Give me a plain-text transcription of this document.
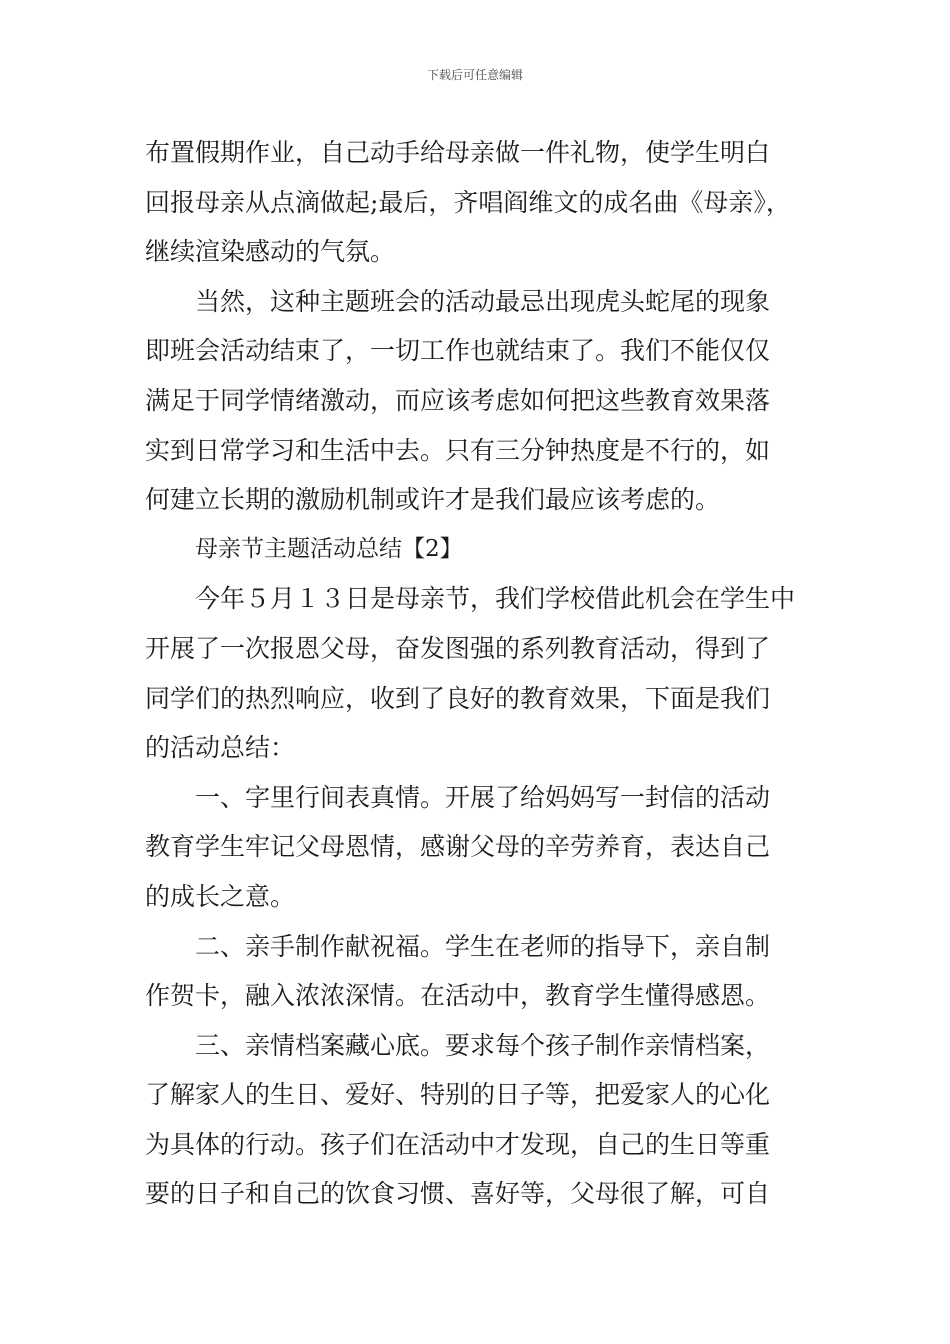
下载后可任意编辑
布置假期作业，自己动手给母亲做一件礼物，使学生明白
回报母亲从点滴做起;最后，齐唱阎维文的成名曲《母亲》，
继续渲染感动的气氛。
当然，这种主题班会的活动最忌出现虎头蛇尾的现象
即班会活动结束了，一切工作也就结束了。我们不能仅仅
满足于同学情绪激动，而应该考虑如何把这些教育效果落
实到日常学习和生活中去。只有三分钟热度是不行的，如
何建立长期的激励机制或许才是我们最应该考虑的。
母亲节主题活动总结【2】
今年５月１３日是母亲节，我们学校借此机会在学生中
开展了一次报恩父母，奋发图强的系列教育活动，得到了
同学们的热烈响应，收到了良好的教育效果，下面是我们
的活动总结：
一、字里行间表真情。开展了给妈妈写一封信的活动
教育学生牢记父母恩情，感谢父母的辛劳养育，表达自己
的成长之意。
二、亲手制作献祝福。学生在老师的指导下，亲自制
作贺卡，融入浓浓深情。在活动中，教育学生懂得感恩。
三、亲情档案藏心底。要求每个孩子制作亲情档案，
了解家人的生日、爱好、特别的日子等，把爱家人的心化
为具体的行动。孩子们在活动中才发现，自己的生日等重
要的日子和自己的饮食习惯、喜好等，父母很了解，可自
